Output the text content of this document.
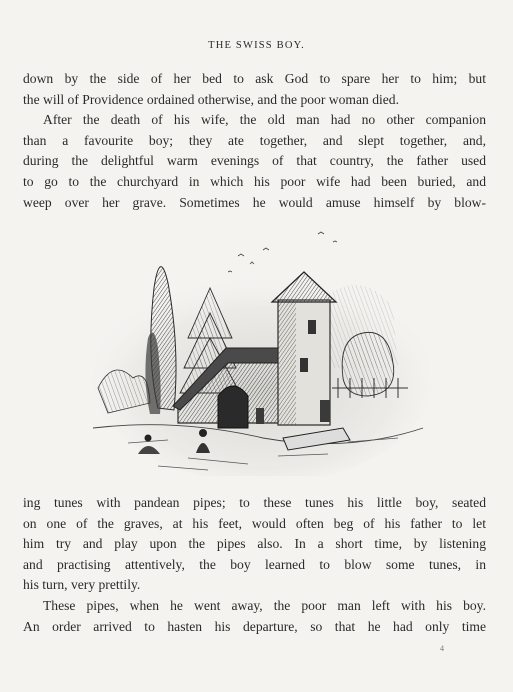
THE SWISS BOY.

down by the side of her bed to ask God to spare her to him; but
the will of Providence ordained otherwise, and the poor woman died.
After the death of his wife, the old man had no other companion
than a favourite boy; they ate together, and slept together, and,
during the delightful warm evenings of that country, the father used
to go to the churchyard in which his poor wife had been buried, and
weep over her grave. Sometimes he would amuse himself by blow-

ing tunes with pandean pipes; to these tunes his little boy, seated
on one of the graves, at his feet, would often beg of his father to let
him try and play upon the pipes also. In a short time, by listening
and practising attentively, the boy learned to blow some tunes, in
his turn, very prettily.
These pipes, when he went away, the poor man left with his boy.
An order arrived to hasten his departure, so that he had only time

4
